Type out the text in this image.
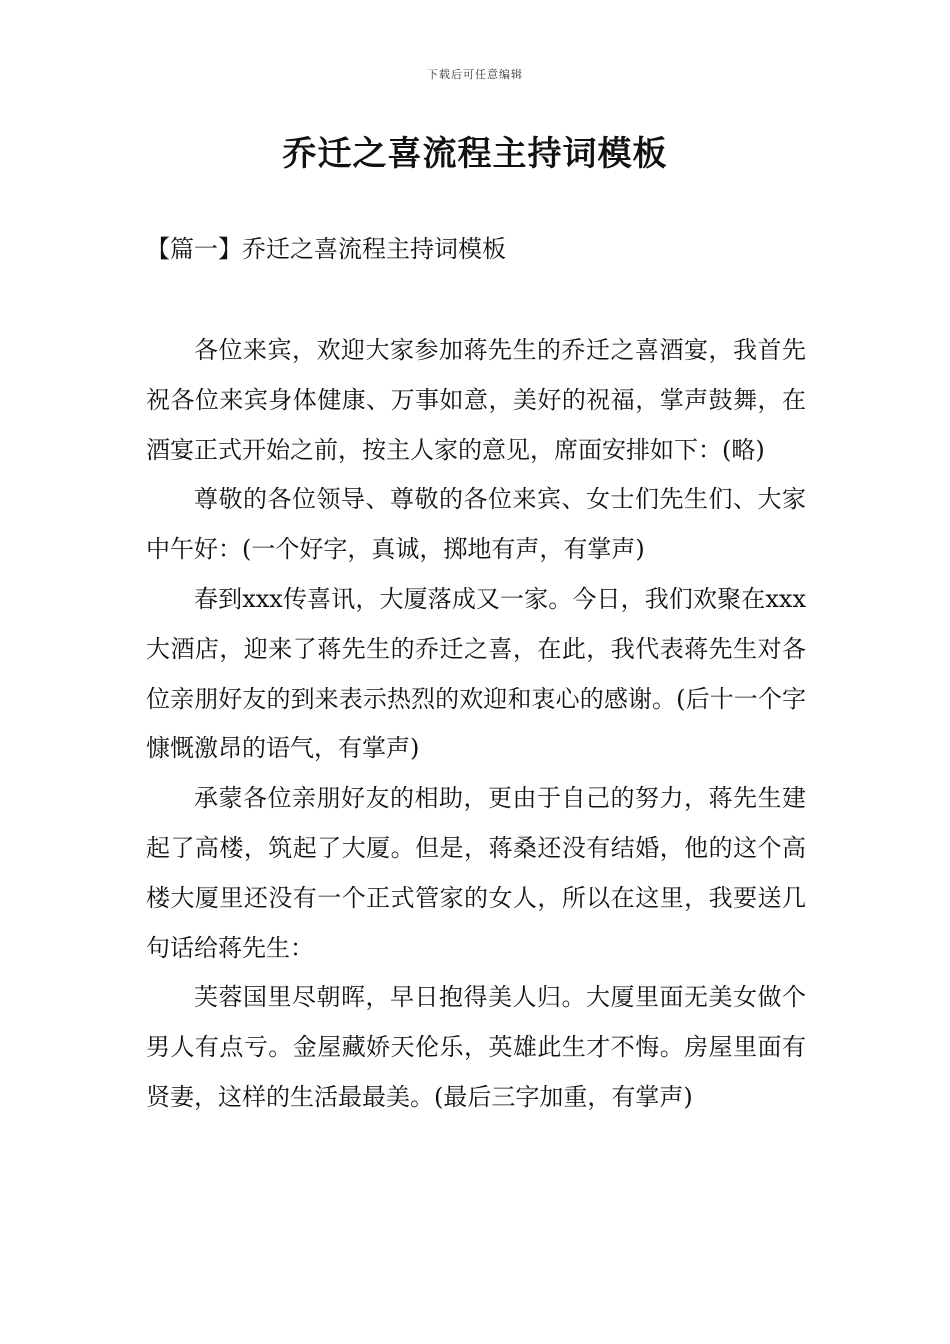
下载后可任意编辑
乔迁之喜流程主持词模板
【篇一】乔迁之喜流程主持词模板

各位来宾，欢迎大家参加蒋先生的乔迁之喜酒宴，我首先祝各位来宾身体健康、万事如意，美好的祝福，掌声鼓舞，在酒宴正式开始之前，按主人家的意见，席面安排如下：(略)

尊敬的各位领导、尊敬的各位来宾、女士们先生们、大家中午好：(一个好字，真诚，掷地有声，有掌声)

春到xxx传喜讯，大厦落成又一家。今日，我们欢聚在xxx大酒店，迎来了蒋先生的乔迁之喜，在此，我代表蒋先生对各位亲朋好友的到来表示热烈的欢迎和衷心的感谢。(后十一个字慷慨激昂的语气，有掌声)

承蒙各位亲朋好友的相助，更由于自己的努力，蒋先生建起了高楼，筑起了大厦。但是，蒋桑还没有结婚，他的这个高楼大厦里还没有一个正式管家的女人，所以在这里，我要送几句话给蒋先生：

芙蓉国里尽朝晖，早日抱得美人归。大厦里面无美女做个男人有点亏。金屋藏娇天伦乐，英雄此生才不悔。房屋里面有贤妻，这样的生活最最美。(最后三字加重，有掌声)
